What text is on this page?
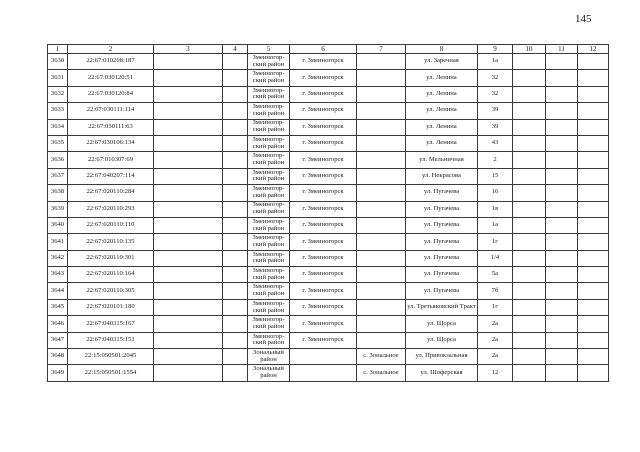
145
1	2	3	4	5	6	7	8	9	10	11	12
3630	22:67:010208:187			Змеиногор-ский район	г. Змеиногорск		ул. Заречная	1а			
3631	22:67:030120:51			Змеиногор-ский район	г. Змеиногорск		ул. Ленина	32			
3632	22:67:030120:84			Змеиногор-ский район	г. Змеиногорск		ул. Ленина	32			
3633	22:67:030111:114			Змеиногор-ский район	г. Змеиногорск		ул. Ленина	39			
3634	22:67:030111:63			Змеиногор-ский район	г. Змеиногорск		ул. Ленина	39			
3635	22:67:030106:134			Змеиногор-ский район	г. Змеиногорск		ул. Ленина	43			
3636	22:67:010307:69			Змеиногор-ский район	г. Змеиногорск		ул. Мельничная	2			
3637	22:67:040207:114			Змеиногор-ский район	г. Змеиногорск		ул. Некрасова	15			
3638	22:67:020110:284			Змеиногор-ский район	г. Змеиногорск		ул. Пугачева	16			
3639	22:67:020110:293			Змеиногор-ский район	г. Змеиногорск		ул. Пугачева	1в			
3640	22:67:020110:110			Змеиногор-ский район	г. Змеиногорск		ул. Пугачева	1а			
3641	22:67:020110:135			Змеиногор-ский район	г. Змеиногорск		ул. Пугачева	1г			
3642	22:67:020110:301			Змеиногор-ский район	г. Змеиногорск		ул. Пугачева	1/4			
3643	22:67:020110:164			Змеиногор-ский район	г. Змеиногорск		ул. Пугачева	5а			
3644	22:67:020110:305			Змеиногор-ский район	г. Змеиногорск		ул. Пугачева	7б			
3645	22:67:020101:180			Змеиногор-ский район	г. Змеиногорск		ул. Третьяковский Тракт	1г			
3646	22:67:040315:167			Змеиногор-ский район	г. Змеиногорск		ул. Щорса	2а			
3647	22:67:040315:151			Змеиногор-ский район	г. Змеиногорск		ул. Щорса	2а			
3648	22:15:050501:2045			Зональный район		с. Зональное	ул. Привокзальная	2а			
3649	22:15:050501:1554			Зональный район		с. Зональное	ул. Шоферская	12			
